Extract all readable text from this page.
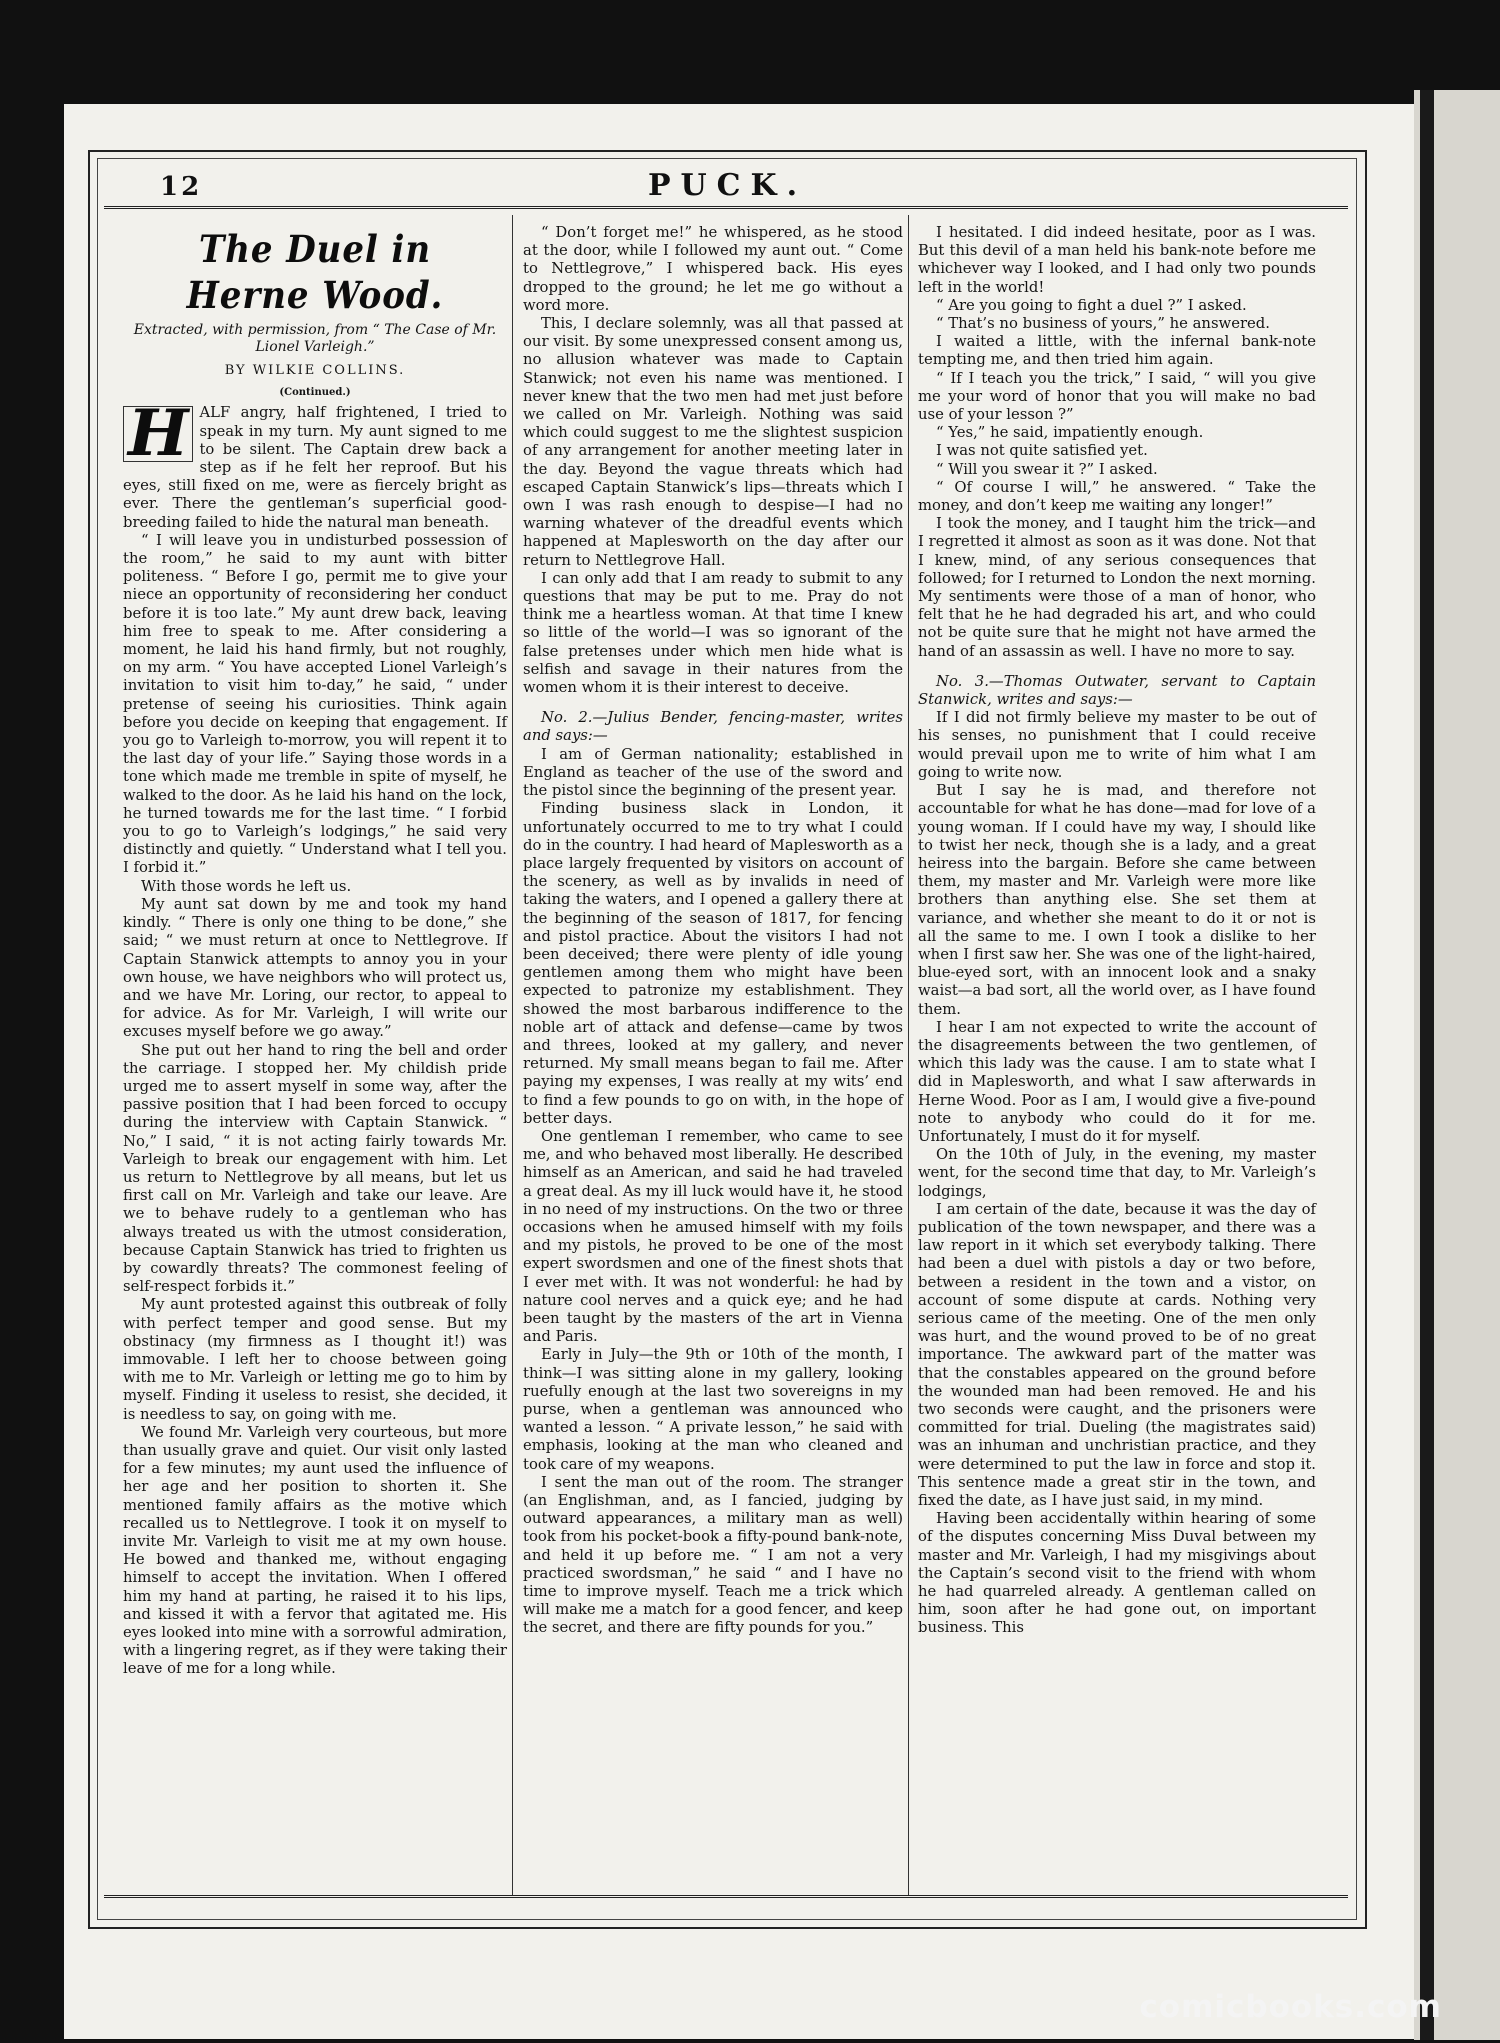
12	PUCK.
The Duel in Herne Wood.
Extracted, with permission, from “ The Case of Mr. Lionel Varleigh.”
BY WILKIE COLLINS.
(Continued.)
H ALF angry, half frightened, I tried to speak in my turn. My aunt signed to me to be silent. The Captain drew back a step as if he felt her reproof. But his eyes, still fixed on me, were as fiercely bright as ever. There the gentleman’s superficial good-breeding failed to hide the natural man beneath.

“ I will leave you in undisturbed possession of the room,” he said to my aunt with bitter politeness. “ Before I go, permit me to give your niece an opportunity of reconsidering her conduct before it is too late.” My aunt drew back, leaving him free to speak to me. After considering a moment, he laid his hand firmly, but not roughly, on my arm. “ You have accepted Lionel Varleigh’s invitation to visit him to-day,” he said, “ under pretense of seeing his curiosities. Think again before you decide on keeping that engagement. If you go to Varleigh to-morrow, you will repent it to the last day of your life.” Saying those words in a tone which made me tremble in spite of myself, he walked to the door. As he laid his hand on the lock, he turned towards me for the last time. “ I forbid you to go to Varleigh’s lodgings,” he said very distinctly and quietly. “ Understand what I tell you. I forbid it.”

With those words he left us.

My aunt sat down by me and took my hand kindly. “ There is only one thing to be done,” she said; “ we must return at once to Nettlegrove. If Captain Stanwick attempts to annoy you in your own house, we have neighbors who will protect us, and we have Mr. Loring, our rector, to appeal to for advice. As for Mr. Varleigh, I will write our excuses myself before we go away.”

She put out her hand to ring the bell and order the carriage. I stopped her. My childish pride urged me to assert myself in some way, after the passive position that I had been forced to occupy during the interview with Captain Stanwick. “ No,” I said, “ it is not acting fairly towards Mr. Varleigh to break our engagement with him. Let us return to Nettlegrove by all means, but let us first call on Mr. Varleigh and take our leave. Are we to behave rudely to a gentleman who has always treated us with the utmost consideration, because Captain Stanwick has tried to frighten us by cowardly threats? The commonest feeling of self-respect forbids it.”

My aunt protested against this outbreak of folly with perfect temper and good sense. But my obstinacy (my firmness as I thought it!) was immovable. I left her to choose between going with me to Mr. Varleigh or letting me go to him by myself. Finding it useless to resist, she decided, it is needless to say, on going with me.

We found Mr. Varleigh very courteous, but more than usually grave and quiet. Our visit only lasted for a few minutes; my aunt used the influence of her age and her position to shorten it. She mentioned family affairs as the motive which recalled us to Nettlegrove. I took it on myself to invite Mr. Varleigh to visit me at my own house. He bowed and thanked me, without engaging himself to accept the invitation. When I offered him my hand at parting, he raised it to his lips, and kissed it with a fervor that agitated me. His eyes looked into mine with a sorrowful admiration, with a lingering regret, as if they were taking their leave of me for a long while.

“ Don’t forget me!” he whispered, as he stood at the door, while I followed my aunt out. “ Come to Nettlegrove,” I whispered back. His eyes dropped to the ground; he let me go without a word more.

This, I declare solemnly, was all that passed at our visit. By some unexpressed consent among us, no allusion whatever was made to Captain Stanwick; not even his name was mentioned. I never knew that the two men had met just before we called on Mr. Varleigh. Nothing was said which could suggest to me the slightest suspicion of any arrangement for another meeting later in the day. Beyond the vague threats which had escaped Captain Stanwick’s lips—threats which I own I was rash enough to despise—I had no warning whatever of the dreadful events which happened at Maplesworth on the day after our return to Nettlegrove Hall.

I can only add that I am ready to submit to any questions that may be put to me. Pray do not think me a heartless woman. At that time I knew so little of the world—I was so ignorant of the false pretenses under which men hide what is selfish and savage in their natures from the women whom it is their interest to deceive.

No. 2.—Julius Bender, fencing-master, writes and says:—

I am of German nationality; established in England as teacher of the use of the sword and the pistol since the beginning of the present year.

Finding business slack in London, it unfortunately occurred to me to try what I could do in the country. I had heard of Maplesworth as a place largely frequented by visitors on account of the scenery, as well as by invalids in need of taking the waters, and I opened a gallery there at the beginning of the season of 1817, for fencing and pistol practice. About the visitors I had not been deceived; there were plenty of idle young gentlemen among them who might have been expected to patronize my establishment. They showed the most barbarous indifference to the noble art of attack and defense—came by twos and threes, looked at my gallery, and never returned. My small means began to fail me. After paying my expenses, I was really at my wits’ end to find a few pounds to go on with, in the hope of better days.

One gentleman I remember, who came to see me, and who behaved most liberally. He described himself as an American, and said he had traveled a great deal. As my ill luck would have it, he stood in no need of my instructions. On the two or three occasions when he amused himself with my foils and my pistols, he proved to be one of the most expert swordsmen and one of the finest shots that I ever met with. It was not wonderful: he had by nature cool nerves and a quick eye; and he had been taught by the masters of the art in Vienna and Paris.

Early in July—the 9th or 10th of the month, I think—I was sitting alone in my gallery, looking ruefully enough at the last two sovereigns in my purse, when a gentleman was announced who wanted a lesson. “ A private lesson,” he said with emphasis, looking at the man who cleaned and took care of my weapons.

I sent the man out of the room. The stranger (an Englishman, and, as I fancied, judging by outward appearances, a military man as well) took from his pocket-book a fifty-pound bank-note, and held it up before me. “ I am not a very practiced swordsman,” he said “ and I have no time to improve myself. Teach me a trick which will make me a match for a good fencer, and keep the secret, and there are fifty pounds for you.”

I hesitated. I did indeed hesitate, poor as I was. But this devil of a man held his bank-note before me whichever way I looked, and I had only two pounds left in the world!

“ Are you going to fight a duel ?” I asked.

“ That’s no business of yours,” he answered.

I waited a little, with the infernal bank-note tempting me, and then tried him again.

“ If I teach you the trick,” I said, “ will you give me your word of honor that you will make no bad use of your lesson ?”

“ Yes,” he said, impatiently enough.

I was not quite satisfied yet.

“ Will you swear it ?” I asked.

“ Of course I will,” he answered. “ Take the money, and don’t keep me waiting any longer!”

I took the money, and I taught him the trick—and I regretted it almost as soon as it was done. Not that I knew, mind, of any serious consequences that followed; for I returned to London the next morning. My sentiments were those of a man of honor, who felt that he he had degraded his art, and who could not be quite sure that he might not have armed the hand of an assassin as well. I have no more to say.

No. 3.—Thomas Outwater, servant to Captain Stanwick, writes and says:—

If I did not firmly believe my master to be out of his senses, no punishment that I could receive would prevail upon me to write of him what I am going to write now.

But I say he is mad, and therefore not accountable for what he has done—mad for love of a young woman. If I could have my way, I should like to twist her neck, though she is a lady, and a great heiress into the bargain. Before she came between them, my master and Mr. Varleigh were more like brothers than anything else. She set them at variance, and whether she meant to do it or not is all the same to me. I own I took a dislike to her when I first saw her. She was one of the light-haired, blue-eyed sort, with an innocent look and a snaky waist—a bad sort, all the world over, as I have found them.

I hear I am not expected to write the account of the disagreements between the two gentlemen, of which this lady was the cause. I am to state what I did in Maplesworth, and what I saw afterwards in Herne Wood. Poor as I am, I would give a five-pound note to anybody who could do it for me. Unfortunately, I must do it for myself.

On the 10th of July, in the evening, my master went, for the second time that day, to Mr. Varleigh’s lodgings,

I am certain of the date, because it was the day of publication of the town newspaper, and there was a law report in it which set everybody talking. There had been a duel with pistols a day or two before, between a resident in the town and a vistor, on account of some dispute at cards. Nothing very serious came of the meeting. One of the men only was hurt, and the wound proved to be of no great importance. The awkward part of the matter was that the constables appeared on the ground before the wounded man had been removed. He and his two seconds were caught, and the prisoners were committed for trial. Dueling (the magistrates said) was an inhuman and unchristian practice, and they were determined to put the law in force and stop it. This sentence made a great stir in the town, and fixed the date, as I have just said, in my mind.

Having been accidentally within hearing of some of the disputes concerning Miss Duval between my master and Mr. Varleigh, I had my misgivings about the Captain’s second visit to the friend with whom he had quarreled already. A gentleman called on him, soon after he had gone out, on important business. This

comicbooks.com
